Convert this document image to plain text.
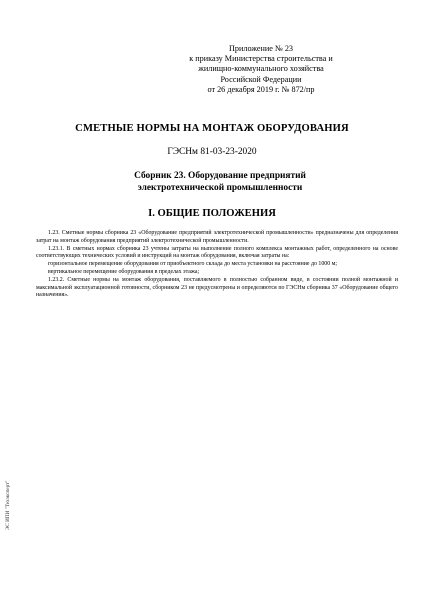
Приложение № 23
к приказу Министерства строительства и
жилищно-коммунального хозяйства
Российской Федерации
от 26 декабря 2019 г. № 872/пр
СМЕТНЫЕ НОРМЫ НА МОНТАЖ ОБОРУДОВАНИЯ
ГЭСНм 81-03-23-2020
Сборник 23. Оборудование предприятий электротехнической промышленности
I. ОБЩИЕ ПОЛОЖЕНИЯ

1.23. Сметные нормы сборника 23 «Оборудование предприятий электротехнической промышленности» предназначены для определения затрат на монтаж оборудования предприятий электротехнической промышленности.

1.23.1. В сметных нормах сборника 23 учтены затраты на выполнение полного комплекса монтажных работ, определенного на основе соответствующих технических условий и инструкций на монтаж оборудования, включая затраты на:

горизонтальное перемещение оборудования от приобъектного склада до места установки на расстояние до 1000 м;

вертикальное перемещение оборудования в пределах этажа;

1.23.2. Сметные нормы на монтаж оборудования, поставляемого в полностью собранном виде, в состоянии полной монтажной и максимальной эксплуатационной готовности, сборником 23 не предусмотрены и определяются по ГЭСНм сборника 37 «Оборудование общего назначения».

ЭС ИПИ "Техэксперт"
